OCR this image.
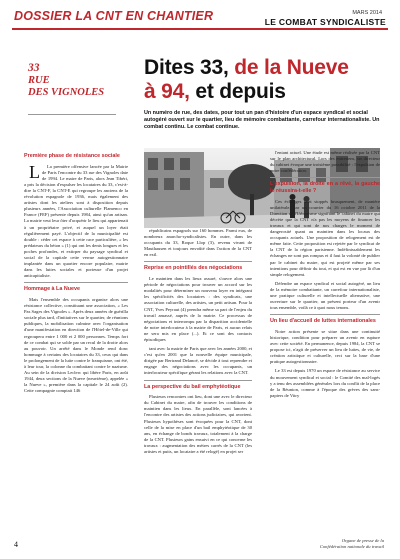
DOSSIER LA CNT EN CHANTIER	MARS 2014
LE COMBAT SYNDICALISTE
33
RUE
DES VIGNOLES
Dites 33, de la Nueve
à 94, et depuis
Un numéro de rue, des dates, pour tout un pan d'histoire d'un espace syndical et social autogéré ouvert sur le quartier, lieu de mémoire combattante, carrefour internationaliste. Un combat continu. Le combat continue.
Première phase de résistance sociale

L La première offensive lancée par la Mairie de Paris l'encontre du 33 rue des Vignoles date de 1994. Le maire de Paris, alors Jean Tibéri, a pris la décision d'expulser les locataires du 33, c'est-à-dire la CNT-F, la CNT-E qui regroupe les anciens de la révolution espagnole de 1936, mais également des artistes dont les ateliers sont à disposition depuis plusieurs années, l'Association culturelle Flamenco en France (FEF) présente depuis 1984, ainsi qu'un artisan. La mairie veut leur ôter d'acquérir le lieu qui appartenait à un propriétaire privé, et auquel un loyer était régulièrement payé. L'objectif de la municipalité est double : céder cet espace à cette race particulière, « les prédateurs du béton » (1) qui ont les dents longues et les poches profondes, et extirper du paysage syndical et social de la capitale cette verrue autogestionnaire implantée dans un quartier encore populaire, mairie dans les luttes sociales et porteuse d'un projet anticapitaliste.

Hommage à La Nueve

Mais l'ensemble des occupants organise alors une résistance collective, constituant une association, « Les Pas Sages des Vignoles ». Après deux années de guérilla sociale plus tard, d'initiatives sur le quartier, de réunions publiques, la mobilisation culmine avec l'organisation d'une manifestation en direction de l'Hôtel-de-Ville qui regroupera entre 1 000 et 2 000 personnes. Temps fort de ce combat qui se solde par un recul de la droite alors au pouvoir. Un arrêté dans le Monde rend donc hommage à certains des locataires du 33, ceux qui dans le prolongement de la lutte contre le franquisme, ont été, à leur tour, la colonne du combattant contre le nazisme. Au sein de la division Leclerc qui libère Paris, en août 1944, deux sections de la Nueve (neuvième), appelée « la Nueve », première dans la capitale le 24 août (2). Cette compagnie comptait 146

républicains espagnols sur 160 hommes. Parmi eux, de nombreux anarcho-syndicalistes. En outre, dans les occupants du 33, Roque Llop (3), revenu vivant de Mauthausen et toujours envoûté dans l'action de la CNT en exil.

Reprise en pointillés des négociations

Le maintien dans les lieux assuré, s'ouvre alors une période de négociations pour trouver un accord sur les modalités pour déterminer un nouveau loyer en intégrant les spécificités des locataires : des syndicats, une association culturelle, des artistes, un petit artisan. Pour la CNT, Yves Peyraut (4) prendra même sa part de l'enjeu du travail amassé, auprès de la mairie. Ce processus de négociations et interrompu par la disparition accidentelle de notre interlocuteur à la mairie de Paris, et aucun relais ne sera mis en place (...). Et ce sont des contacts épisodiques

tant avec la mairie de Paris que avec les années 2000, et c'est qu'en 2001 que la nouvelle équipe municipale, dirigée par Bertrand Delanoë, se décide à tout reprendre et engage des négociations avec les occupants, un interlocuteur spécifique gérant les relations avec la CNT.

La perspective du bail emphytéotique

Plusieurs rencontres ont lieu, dont une avec le directeur du Cabinet du maire, afin de trouver les conditions de maintien dans les lieux. En parallèle, sont lancées à l'encontre des artistes des actions judiciaires, qui avortent. Plusieurs hypothèses sont évoquées pour la CNT, dont celle de la mise en place d'un bail emphytéotique de 30 ans, en échange de bonds travaux, totalement à la charge de la CNT. Plusieurs gains ensuivi en ce qui concerne les travaux : augmentation des métres carrés de la CNT (les artistes et puits, un locataire a été relogé) en projet ser

l'entant actuel. Une étude est même réalisée par la CNT sur le plan architectural. Lors des entretiens, un directeur du cabinet évoque une troisième possibilité : l'expulsion de notre confédération.

L'expulsion, la droite en a rêvé, la gauche le réussira-t-elle ?

Ces échanges sont stoppés brusquement, de manière unilatérale, par un courrier du 16 octobre 2011 de la Direction de l'Urbanisme signifiant le cabinet du maire qui décrète que la CNT n'a pas les moyens de financer les travaux et qui sont de nos charges le moment de dangerosité quant au maintien dans les locaux des occupants actuels. Une proposition de relogement est de même faite. Cette proposition est rejetée par le syndicat de la CNT de la région parisienne. Indéfinissablement les échanges ne sont pas rompus et il faut la volonté de publier par le cabinet du maire, qui est projeté même par ses intentions pour définir du tout, et qui est en vue par là d'un simple relogement.

Défendre un espace syndical et social autogéré, un lieu de la mémoire combattante, un carrefour internationaliste, une pratique culturelle et intellectuelle alternative, une ouverture sur le quartier, un présent porteur d'un avenir tous ensemble, voilà ce à quoi nous tenons.

Un lieu d'accueil de luttes internationales

Notre action présente se situe dans une continuité historique, condition pour préparer un avenir en rupture avec cette société. En permanence, depuis 1984, la CNT se propose ici, n'agit de préserver un lieu de luttes, de vie, de création artistique et culturelle, ceci sur la base d'une pratique autogestionnaire.

Le 33 est depuis 1970 un espace de résistance au service du mouvement syndical et social : le Comité des mal-logés y a tenu des assemblées générales lors du conflit de la place de la Réunion, comme à l'époque des grèves des sans-papiers de Vitry

4	Organe de presse de la
Confédération nationale du travail
